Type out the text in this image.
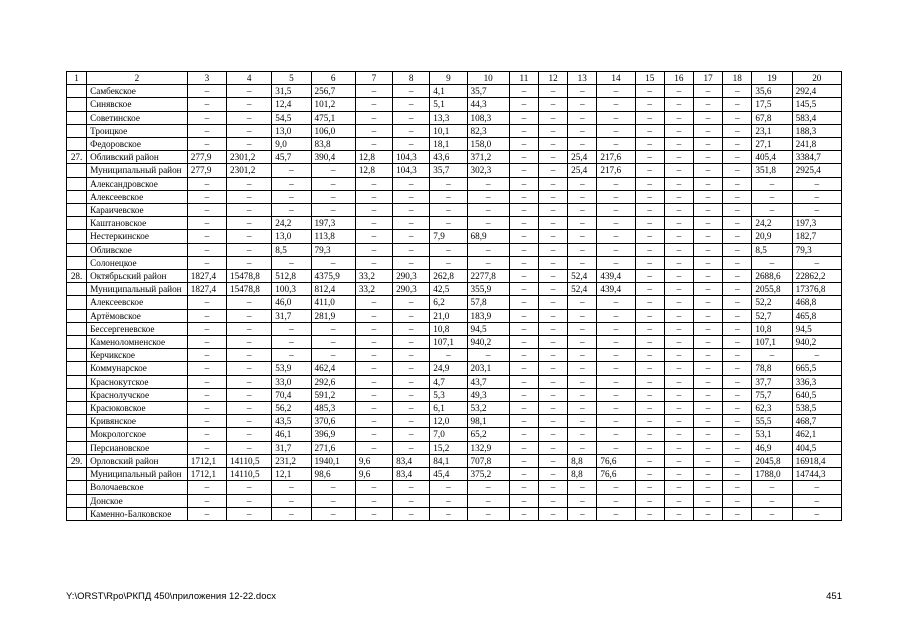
1	2	3	4	5	6	7	8	9	10	11	12	13	14	15	16	17	18	19	20
	Самбекское	–	–	31,5	256,7	–	–	4,1	35,7	–	–	–	–	–	–	–	–	35,6	292,4
	Синявское	–	–	12,4	101,2	–	–	5,1	44,3	–	–	–	–	–	–	–	–	17,5	145,5
	Советинское	–	–	54,5	475,1	–	–	13,3	108,3	–	–	–	–	–	–	–	–	67,8	583,4
	Троицкое	–	–	13,0	106,0	–	–	10,1	82,3	–	–	–	–	–	–	–	–	23,1	188,3
	Федоровское	–	–	9,0	83,8	–	–	18,1	158,0	–	–	–	–	–	–	–	–	27,1	241,8
27.	Обливский район	277,9	2301,2	45,7	390,4	12,8	104,3	43,6	371,2	–	–	25,4	217,6	–	–	–	–	405,4	3384,7
	Муниципальный район	277,9	2301,2	–	–	12,8	104,3	35,7	302,3	–	–	25,4	217,6	–	–	–	–	351,8	2925,4
	Александровское	–	–	–	–	–	–	–	–	–	–	–	–	–	–	–	–	–	–
	Алексеевское	–	–	–	–	–	–	–	–	–	–	–	–	–	–	–	–	–	–
	Караичевское	–	–	–	–	–	–	–	–	–	–	–	–	–	–	–	–	–	–
	Каштановское	–	–	24,2	197,3	–	–	–	–	–	–	–	–	–	–	–	–	24,2	197,3
	Нестеркинское	–	–	13,0	113,8	–	–	7,9	68,9	–	–	–	–	–	–	–	–	20,9	182,7
	Обливское	–	–	8,5	79,3	–	–	–	–	–	–	–	–	–	–	–	–	8,5	79,3
	Солонецкое	–	–	–	–	–	–	–	–	–	–	–	–	–	–	–	–	–	–
28.	Октябрьский район	1827,4	15478,8	512,8	4375,9	33,2	290,3	262,8	2277,8	–	–	52,4	439,4	–	–	–	–	2688,6	22862,2
	Муниципальный район	1827,4	15478,8	100,3	812,4	33,2	290,3	42,5	355,9	–	–	52,4	439,4	–	–	–	–	2055,8	17376,8
	Алексеевское	–	–	46,0	411,0	–	–	6,2	57,8	–	–	–	–	–	–	–	–	52,2	468,8
	Артёмовское	–	–	31,7	281,9	–	–	21,0	183,9	–	–	–	–	–	–	–	–	52,7	465,8
	Бессергеневское	–	–	–	–	–	–	10,8	94,5	–	–	–	–	–	–	–	–	10,8	94,5
	Каменоломненское	–	–	–	–	–	–	107,1	940,2	–	–	–	–	–	–	–	–	107,1	940,2
	Керчикское	–	–	–	–	–	–	–	–	–	–	–	–	–	–	–	–	–	–
	Коммунарское	–	–	53,9	462,4	–	–	24,9	203,1	–	–	–	–	–	–	–	–	78,8	665,5
	Краснокутское	–	–	33,0	292,6	–	–	4,7	43,7	–	–	–	–	–	–	–	–	37,7	336,3
	Краснолучское	–	–	70,4	591,2	–	–	5,3	49,3	–	–	–	–	–	–	–	–	75,7	640,5
	Красюковское	–	–	56,2	485,3	–	–	6,1	53,2	–	–	–	–	–	–	–	–	62,3	538,5
	Кривянское	–	–	43,5	370,6	–	–	12,0	98,1	–	–	–	–	–	–	–	–	55,5	468,7
	Мокрологское	–	–	46,1	396,9	–	–	7,0	65,2	–	–	–	–	–	–	–	–	53,1	462,1
	Персиановское	–	–	31,7	271,6	–	–	15,2	132,9	–	–	–	–	–	–	–	–	46,9	404,5
29.	Орловский район	1712,1	14110,5	231,2	1940,1	9,6	83,4	84,1	707,8	–	–	8,8	76,6	–	–	–	–	2045,8	16918,4
	Муниципальный район	1712,1	14110,5	12,1	98,6	9,6	83,4	45,4	375,2	–	–	8,8	76,6	–	–	–	–	1788,0	14744,3
	Волочаевское	–	–	–	–	–	–	–	–	–	–	–	–	–	–	–	–	–	–
	Донское	–	–	–	–	–	–	–	–	–	–	–	–	–	–	–	–	–	–
	Каменно-Балковское	–	–	–	–	–	–	–	–	–	–	–	–	–	–	–	–	–	–
Y:\ORST\Rpo\РКПД 450\приложения 12-22.docx	451
